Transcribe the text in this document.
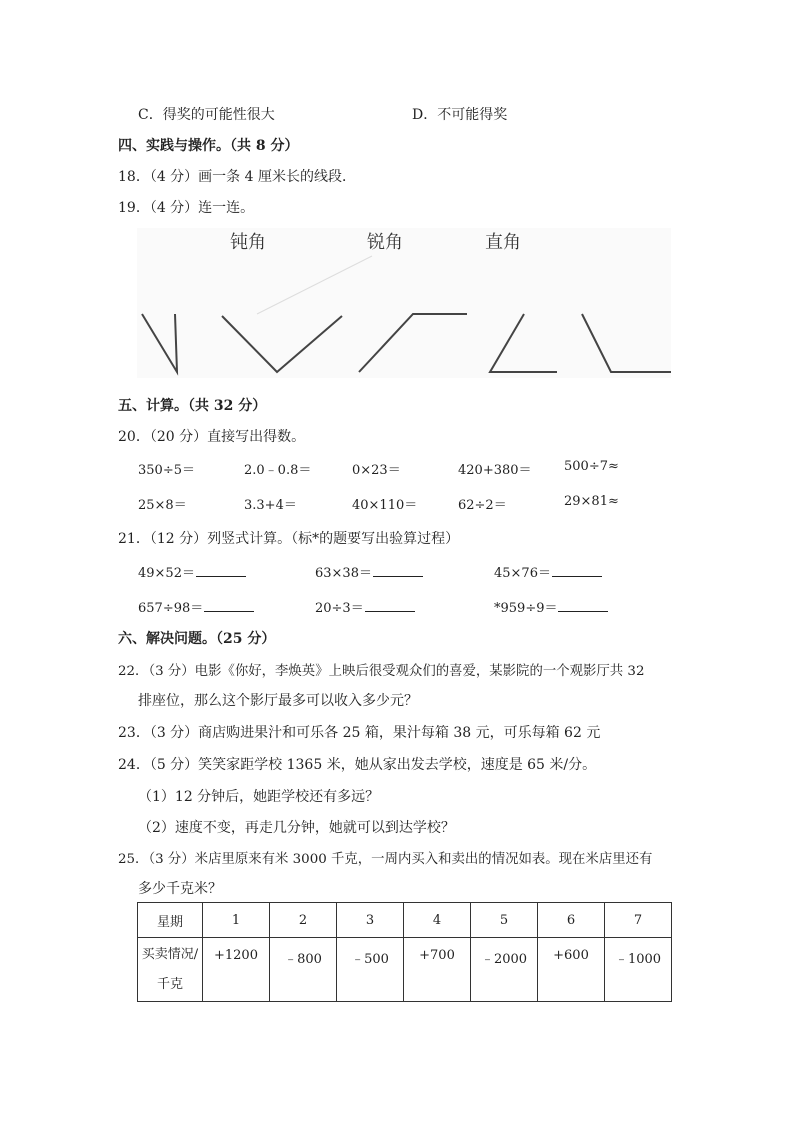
C．得奖的可能性很大	D．不可能得奖
四、实践与操作。（共 8 分）
18．（4 分）画一条 4 厘米长的线段．
19．（4 分）连一连。
钝角	锐角	直角
五、计算。（共 32 分）
20．（20 分）直接写出得数。
350÷5＝	2.0﹣0.8＝	0×23＝	420+380＝ 500÷7≈
25×8＝	3.3+4＝	40×110＝	62÷2＝	29×81≈
21．（12 分）列竖式计算。（标*的题要写出验算过程）
49×52＝	63×38＝	45×76＝
657÷98＝	20÷3＝	*959÷9＝
六、解决问题。（25 分）
22．（3 分）电影《你好，李焕英》上映后很受观众们的喜爱，某影院的一个观影厅共 32
排座位，那么这个影厅最多可以收入多少元？
23．（3 分）商店购进果汁和可乐各 25 箱，果汁每箱 38 元，可乐每箱 62 元
24．（5 分）笑笑家距学校 1365 米，她从家出发去学校，速度是 65 米/分。
（1）12 分钟后，她距学校还有多远？
（2）速度不变，再走几分钟，她就可以到达学校？
25．（3 分）米店里原来有米 3000 千克，一周内买入和卖出的情况如表。现在米店里还有
多少千克米？
星期	1	2	3	4	5	6	7
买卖情况/
千克	+1200	﹣800	﹣500	+700	﹣2000	+600	﹣1000
